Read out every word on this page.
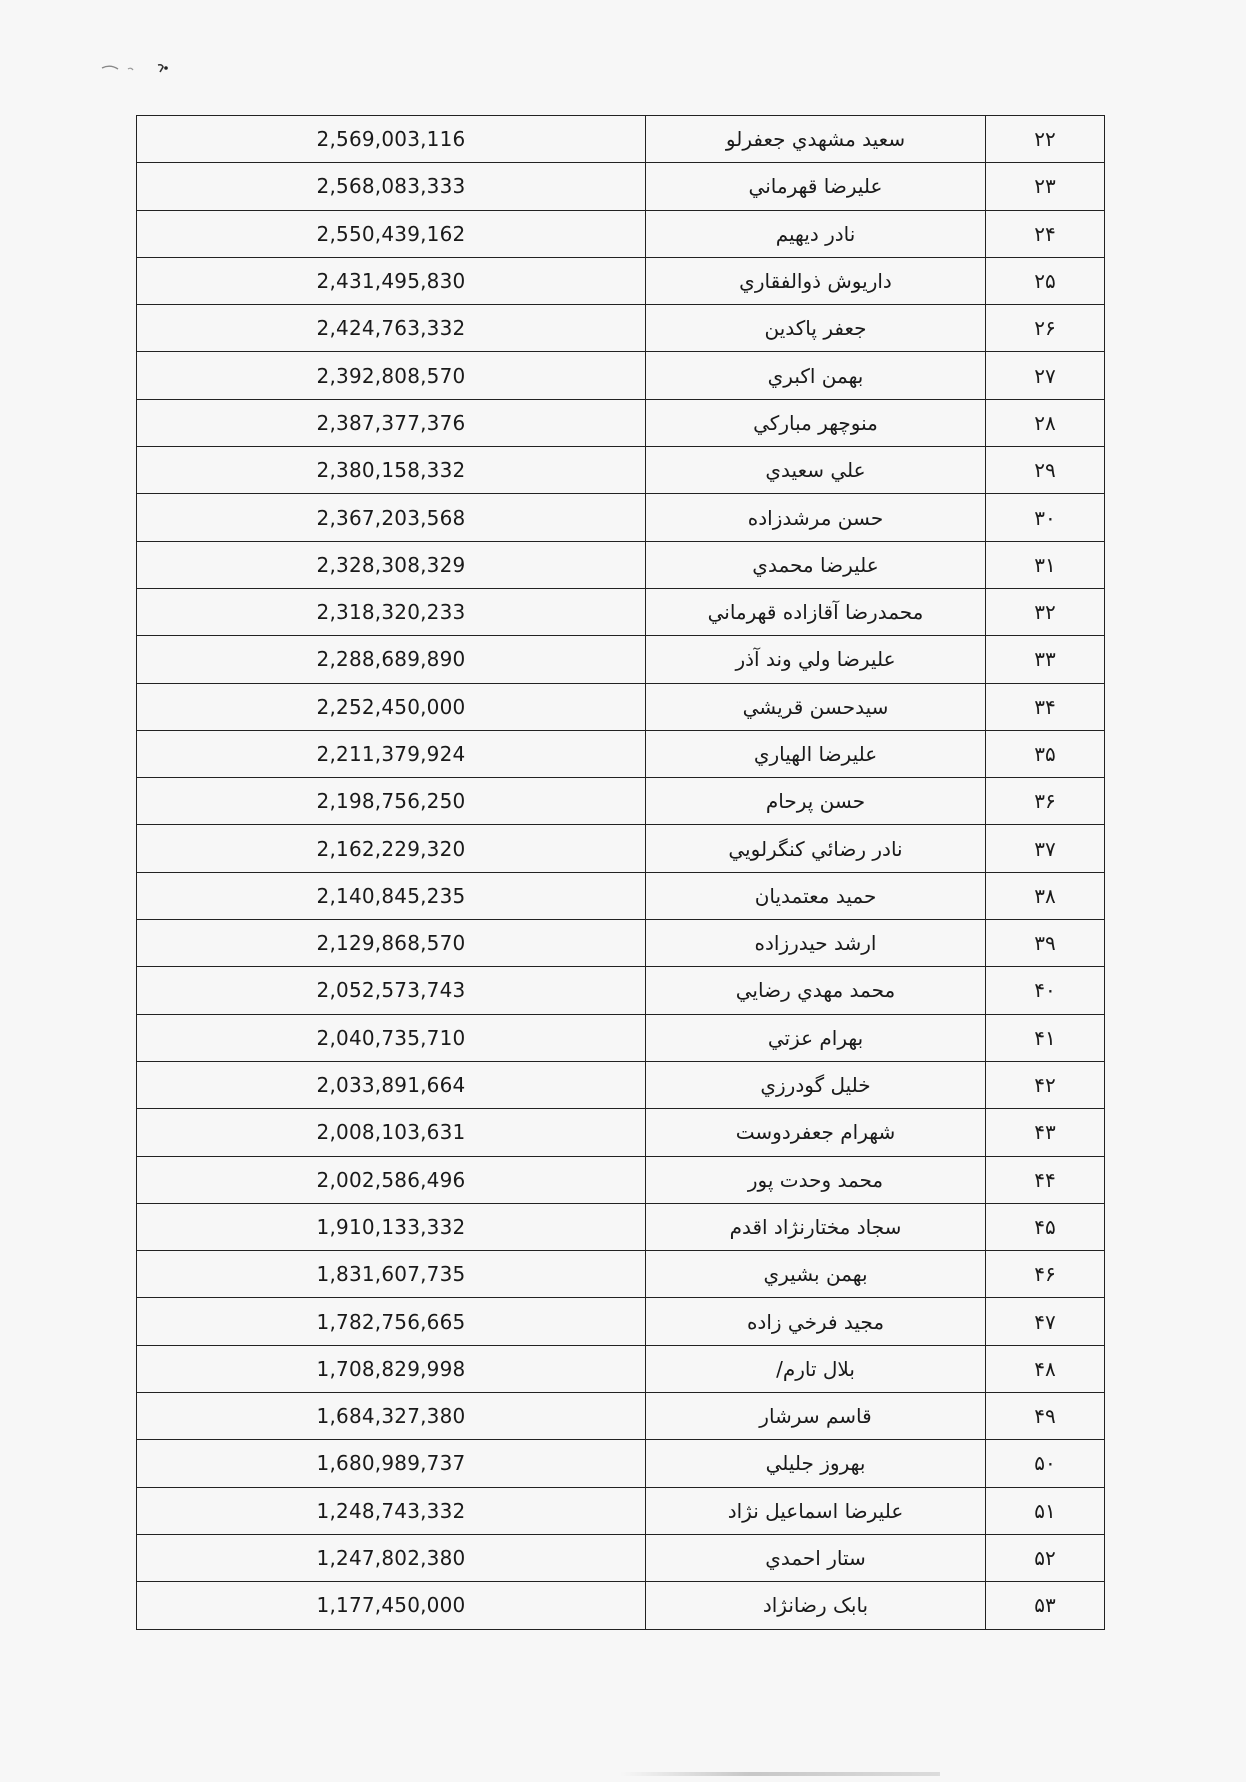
2,569,003,116	سعید مشهدي جعفرلو	۲۲
2,568,083,333	عليرضا قهرماني	۲۳
2,550,439,162	نادر ديهيم	۲۴
2,431,495,830	داريوش ذوالفقاري	۲۵
2,424,763,332	جعفر پاکدين	۲۶
2,392,808,570	بهمن اکبري	۲۷
2,387,377,376	منوچهر مبارکي	۲۸
2,380,158,332	علي سعيدي	۲۹
2,367,203,568	حسن مرشدزاده	۳۰
2,328,308,329	عليرضا محمدي	۳۱
2,318,320,233	محمدرضا آقازاده قهرماني	۳۲
2,288,689,890	عليرضا ولي وند آذر	۳۳
2,252,450,000	سيدحسن قريشي	۳۴
2,211,379,924	عليرضا الهياري	۳۵
2,198,756,250	حسن پرحام	۳۶
2,162,229,320	نادر رضائي کنگرلويي	۳۷
2,140,845,235	حميد معتمديان	۳۸
2,129,868,570	ارشد حيدرزاده	۳۹
2,052,573,743	محمد مهدي رضايي	۴۰
2,040,735,710	بهرام عزتي	۴۱
2,033,891,664	خليل گودرزي	۴۲
2,008,103,631	شهرام جعفردوست	۴۳
2,002,586,496	محمد وحدت پور	۴۴
1,910,133,332	سجاد مختارنژاد اقدم	۴۵
1,831,607,735	بهمن بشيري	۴۶
1,782,756,665	مجيد فرخي زاده	۴۷
1,708,829,998	بلال تارم/	۴۸
1,684,327,380	قاسم سرشار	۴۹
1,680,989,737	بهروز جليلي	۵۰
1,248,743,332	عليرضا اسماعيل نژاد	۵۱
1,247,802,380	ستار احمدي	۵۲
1,177,450,000	بابک رضانژاد	۵۳
